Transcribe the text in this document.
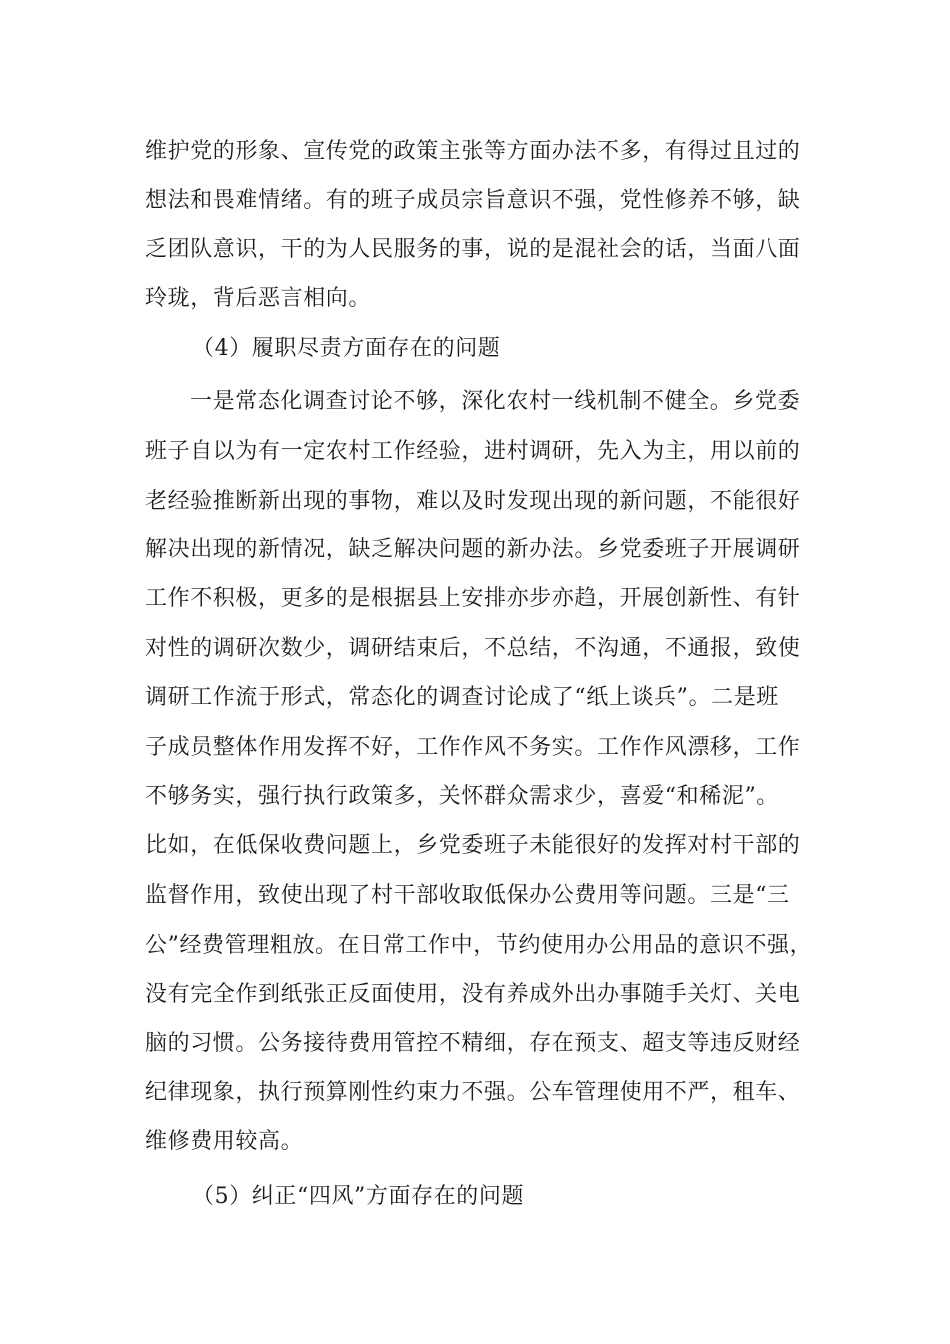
维护党的形象、宣传党的政策主张等方面办法不多，有得过且过的
想法和畏难情绪。有的班子成员宗旨意识不强，党性修养不够，缺
乏团队意识，干的为人民服务的事，说的是混社会的话，当面八面
玲珑，背后恶言相向。
（4）履职尽责方面存在的问题
一是常态化调查讨论不够，深化农村一线机制不健全。乡党委
班子自以为有一定农村工作经验，进村调研，先入为主，用以前的
老经验推断新出现的事物，难以及时发现出现的新问题，不能很好
解决出现的新情况，缺乏解决问题的新办法。乡党委班子开展调研
工作不积极，更多的是根据县上安排亦步亦趋，开展创新性、有针
对性的调研次数少，调研结束后，不总结，不沟通，不通报，致使
调研工作流于形式，常态化的调查讨论成了“纸上谈兵”。二是班
子成员整体作用发挥不好，工作作风不务实。工作作风漂移，工作
不够务实，强行执行政策多，关怀群众需求少，喜爱“和稀泥”。
比如，在低保收费问题上，乡党委班子未能很好的发挥对村干部的
监督作用，致使出现了村干部收取低保办公费用等问题。三是“三
公”经费管理粗放。在日常工作中，节约使用办公用品的意识不强，
没有完全作到纸张正反面使用，没有养成外出办事随手关灯、关电
脑的习惯。公务接待费用管控不精细，存在预支、超支等违反财经
纪律现象，执行预算刚性约束力不强。公车管理使用不严，租车、
维修费用较高。
（5）纠正“四风”方面存在的问题
